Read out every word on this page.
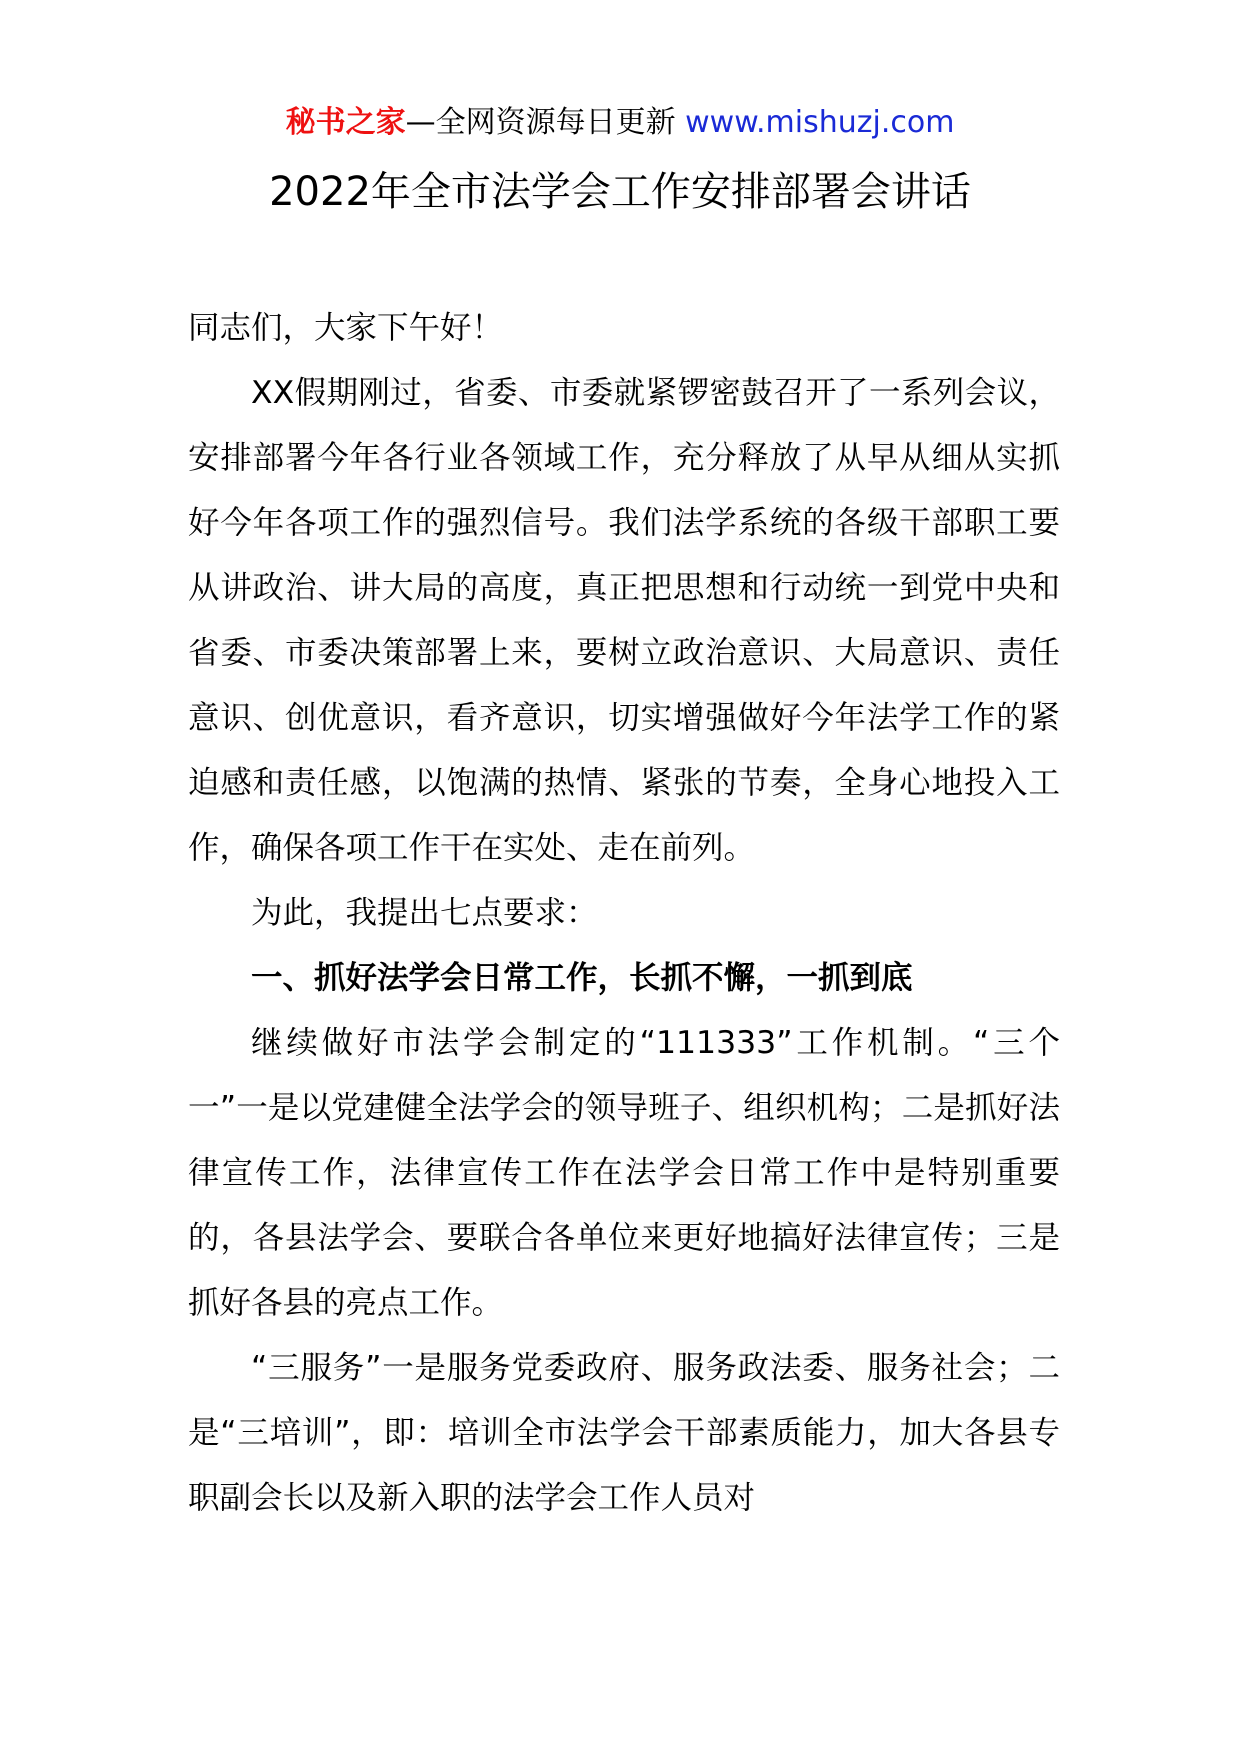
秘书之家—全网资源每日更新 www.mishuzj.com
2022年全市法学会工作安排部署会讲话

同志们，大家下午好！

XX假期刚过，省委、市委就紧锣密鼓召开了一系列会议，安排部署今年各行业各领域工作，充分释放了从早从细从实抓好今年各项工作的强烈信号。我们法学系统的各级干部职工要从讲政治、讲大局的高度，真正把思想和行动统一到党中央和省委、市委决策部署上来，要树立政治意识、大局意识、责任意识、创优意识，看齐意识，切实增强做好今年法学工作的紧迫感和责任感，以饱满的热情、紧张的节奏，全身心地投入工作，确保各项工作干在实处、走在前列。

为此，我提出七点要求：

一、抓好法学会日常工作，长抓不懈，一抓到底

继续做好市法学会制定的“111333”工作机制。“三个一”一是以党建健全法学会的领导班子、组织机构；二是抓好法律宣传工作，法律宣传工作在法学会日常工作中是特别重要的，各县法学会、要联合各单位来更好地搞好法律宣传；三是抓好各县的亮点工作。

“三服务”一是服务党委政府、服务政法委、服务社会；二是“三培训”，即：培训全市法学会干部素质能力，加大各县专职副会长以及新入职的法学会工作人员对
